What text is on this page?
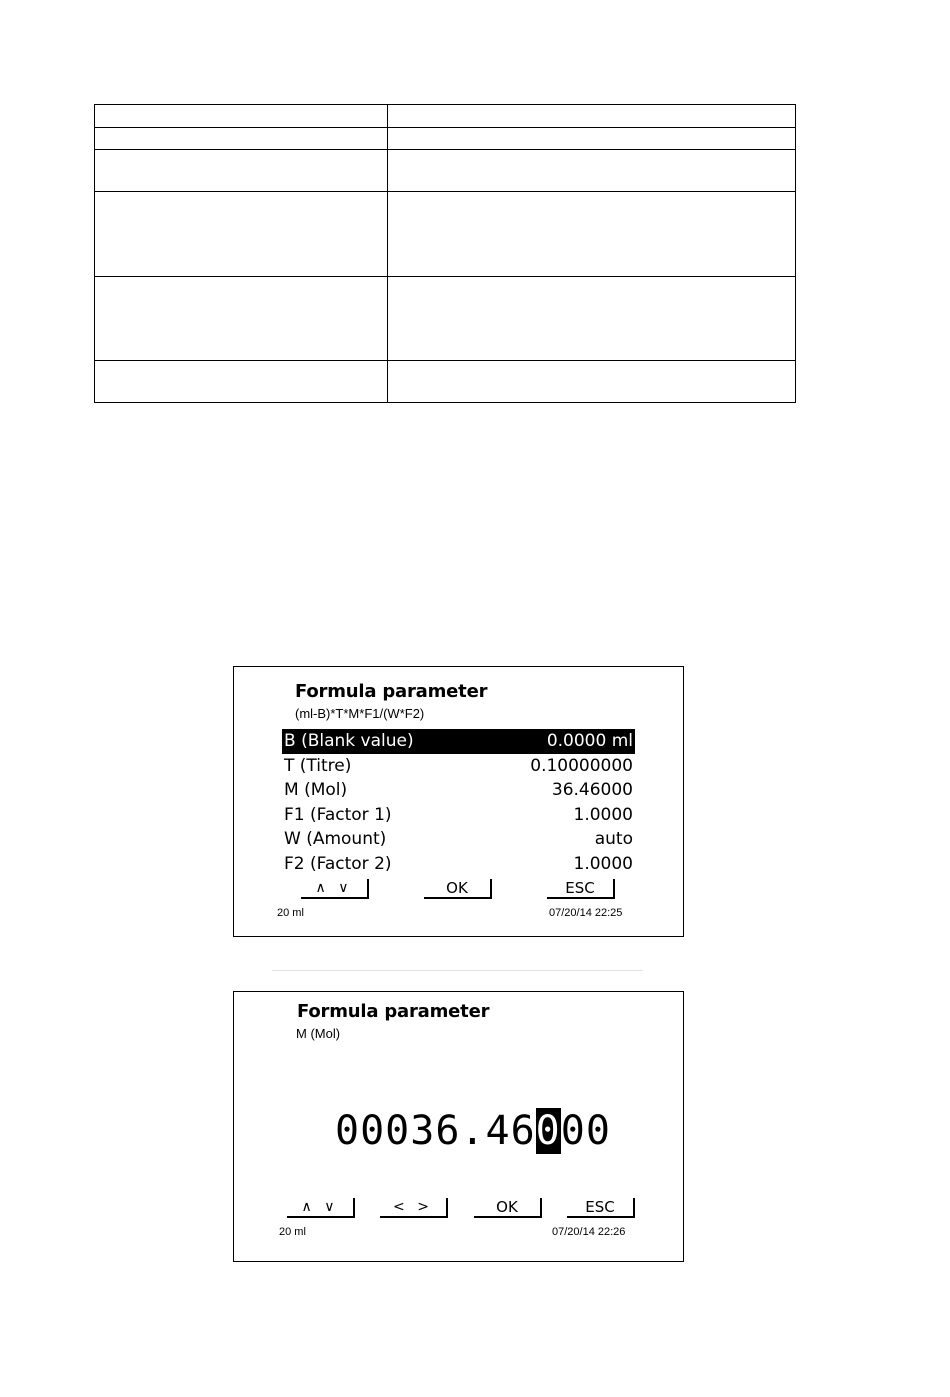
Formula parameter
(ml-B)*T*M*F1/(W*F2)
B (Blank value)	0.0000 ml
T (Titre)	0.10000000
M (Mol)	36.46000
F1 (Factor 1)	1.0000
W (Amount)	auto
F2 (Factor 2)	1.0000
∧ ∨	OK	ESC
20 ml	07/20/14 22:25
Formula parameter
M (Mol)
00036.46000
∧ ∨	< >	OK	ESC
20 ml	07/20/14 22:26
